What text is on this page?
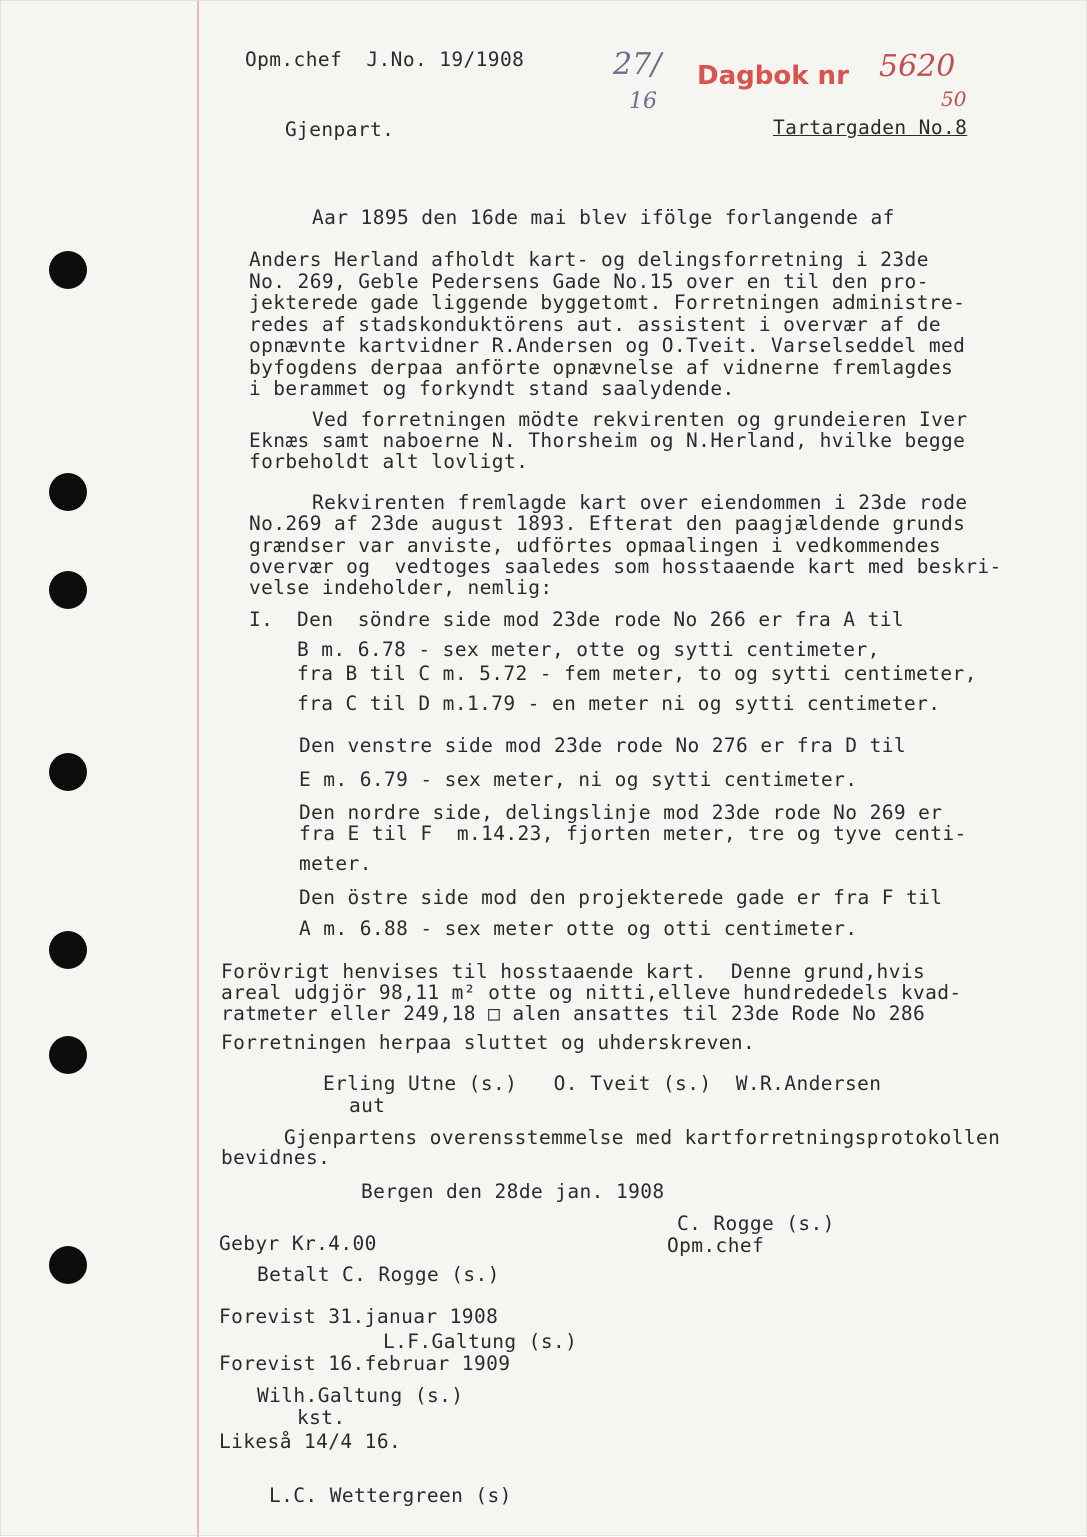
Opm.chef  J.No. 19/1908
Gjenpart.
27/
16
Dagbok nr 5620
50
Tartargaden No.8
Aar 1895 den 16de mai blev ifölge forlangende af
Anders Herland afholdt kart- og delingsforretning i 23de
No. 269, Geble Pedersens Gade No.15 over en til den pro-
jekterede gade liggende byggetomt. Forretningen administre-
redes af stadskonduktörens aut. assistent i overvær af de
opnævnte kartvidner R.Andersen og O.Tveit. Varselseddel med
byfogdens derpaa anförte opnævnelse af vidnerne fremlagdes
i berammet og forkyndt stand saalydende.
Ved forretningen mödte rekvirenten og grundeieren Iver
Eknæs samt naboerne N. Thorsheim og N.Herland, hvilke begge
forbeholdt alt lovligt.
Rekvirenten fremlagde kart over eiendommen i 23de rode
No.269 af 23de august 1893. Efterat den paagjældende grunds
grændser var anviste, udförtes opmaalingen i vedkommendes
overvær og  vedtoges saaledes som hosstaaende kart med beskri-
velse indeholder, nemlig:
I. Den  söndre side mod 23de rode No 266 er fra A til
B m. 6.78 - sex meter, otte og sytti centimeter,
fra B til C m. 5.72 - fem meter, to og sytti centimeter,
fra C til D m.1.79 - en meter ni og sytti centimeter.
Den venstre side mod 23de rode No 276 er fra D til
E m. 6.79 - sex meter, ni og sytti centimeter.
Den nordre side, delingslinje mod 23de rode No 269 er
fra E til F  m.14.23, fjorten meter, tre og tyve centi-
meter.
Den östre side mod den projekterede gade er fra F til
A m. 6.88 - sex meter otte og otti centimeter.
Forövrigt henvises til hosstaaende kart.  Denne grund,hvis
areal udgjör 98,11 m² otte og nitti,elleve hundrededels kvad-
ratmeter eller 249,18 □ alen ansattes til 23de Rode No 286
Forretningen herpaa sluttet og uhderskreven.
Erling Utne (s.)   O. Tveit (s.)  W.R.Andersen
aut
Gjenpartens overensstemmelse med kartforretningsprotokollen
bevidnes.
Bergen den 28de jan. 1908
C. Rogge (s.)
Opm.chef
Gebyr Kr.4.00
Betalt C. Rogge (s.)
Forevist 31.januar 1908
L.F.Galtung (s.)
Forevist 16.februar 1909
Wilh.Galtung (s.)
kst.
Likeså 14/4 16.
L.C. Wettergreen (s)
